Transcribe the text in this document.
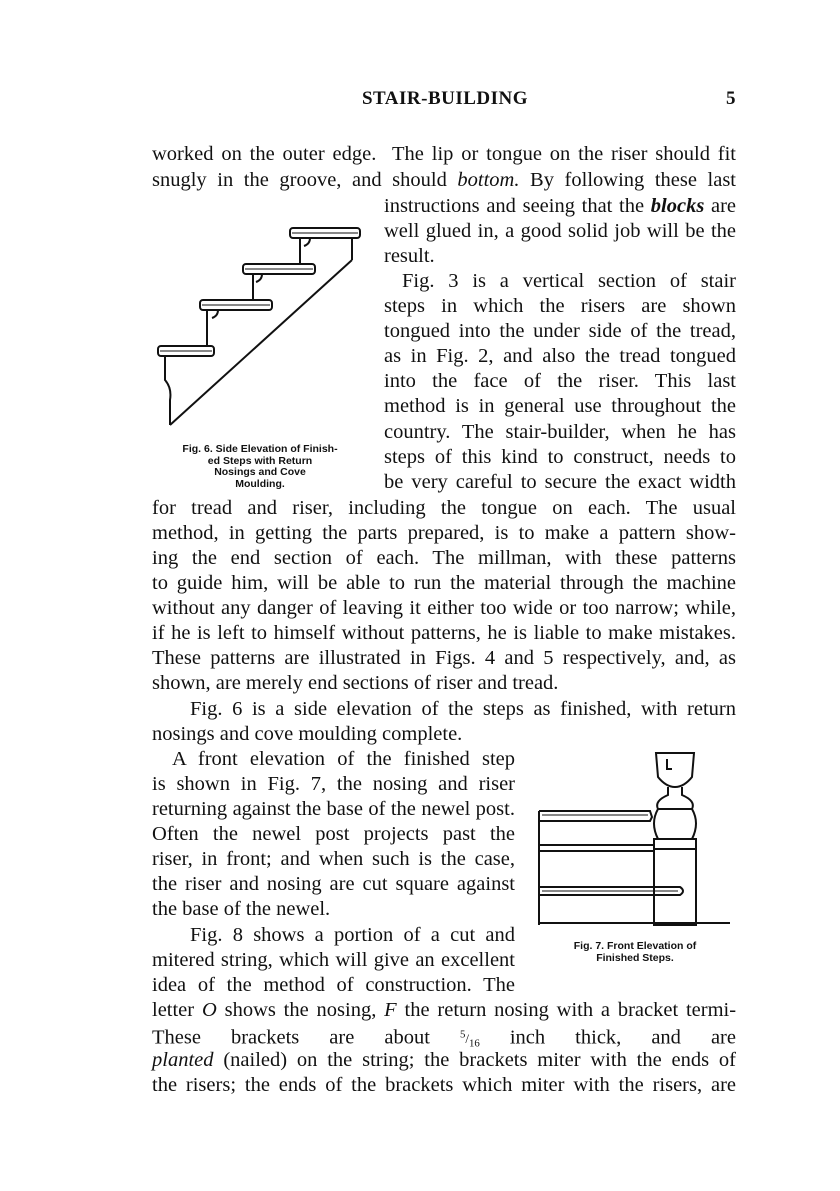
STAIR-BUILDING	5
worked on the outer edge. The lip or tongue on the riser should fit
snugly in the groove, and should bottom. By following these last
Fig. 6. Side Elevation of Finish-
ed Steps with Return
Nosings and Cove
Moulding.
instructions and seeing that the blocks are
well glued in, a good solid job will be the
result.
Fig. 3 is a vertical section of stair
steps in which the risers are shown
tongued into the under side of the tread,
as in Fig. 2, and also the tread tongued
into the face of the riser. This last
method is in general use throughout the
country. The stair-builder, when he has
steps of this kind to construct, needs to
be very careful to secure the exact width
for tread and riser, including the tongue on each. The usual
method, in getting the parts prepared, is to make a pattern show-
ing the end section of each. The millman, with these patterns
to guide him, will be able to run the material through the machine
without any danger of leaving it either too wide or too narrow; while,
if he is left to himself without patterns, he is liable to make mistakes.
These patterns are illustrated in Figs. 4 and 5 respectively, and, as
shown, are merely end sections of riser and tread.
Fig. 6 is a side elevation of the steps as finished, with return
nosings and cove moulding complete.
A front elevation of the finished step
is shown in Fig. 7, the nosing and riser
returning against the base of the newel post.
Often the newel post projects past the
riser, in front; and when such is the case,
the riser and nosing are cut square against
the base of the newel.
Fig. 8 shows a portion of a cut and
mitered string, which will give an excellent
idea of the method of construction. The
Fig. 7. Front Elevation of
Finished Steps.
letter O shows the nosing, F the return nosing with a bracket termi-
These brackets are about	$^5/_{16}$ inch thick, and are
planted (nailed) on the string; the brackets miter with the ends of
the risers; the ends of the brackets which miter with the risers, are
